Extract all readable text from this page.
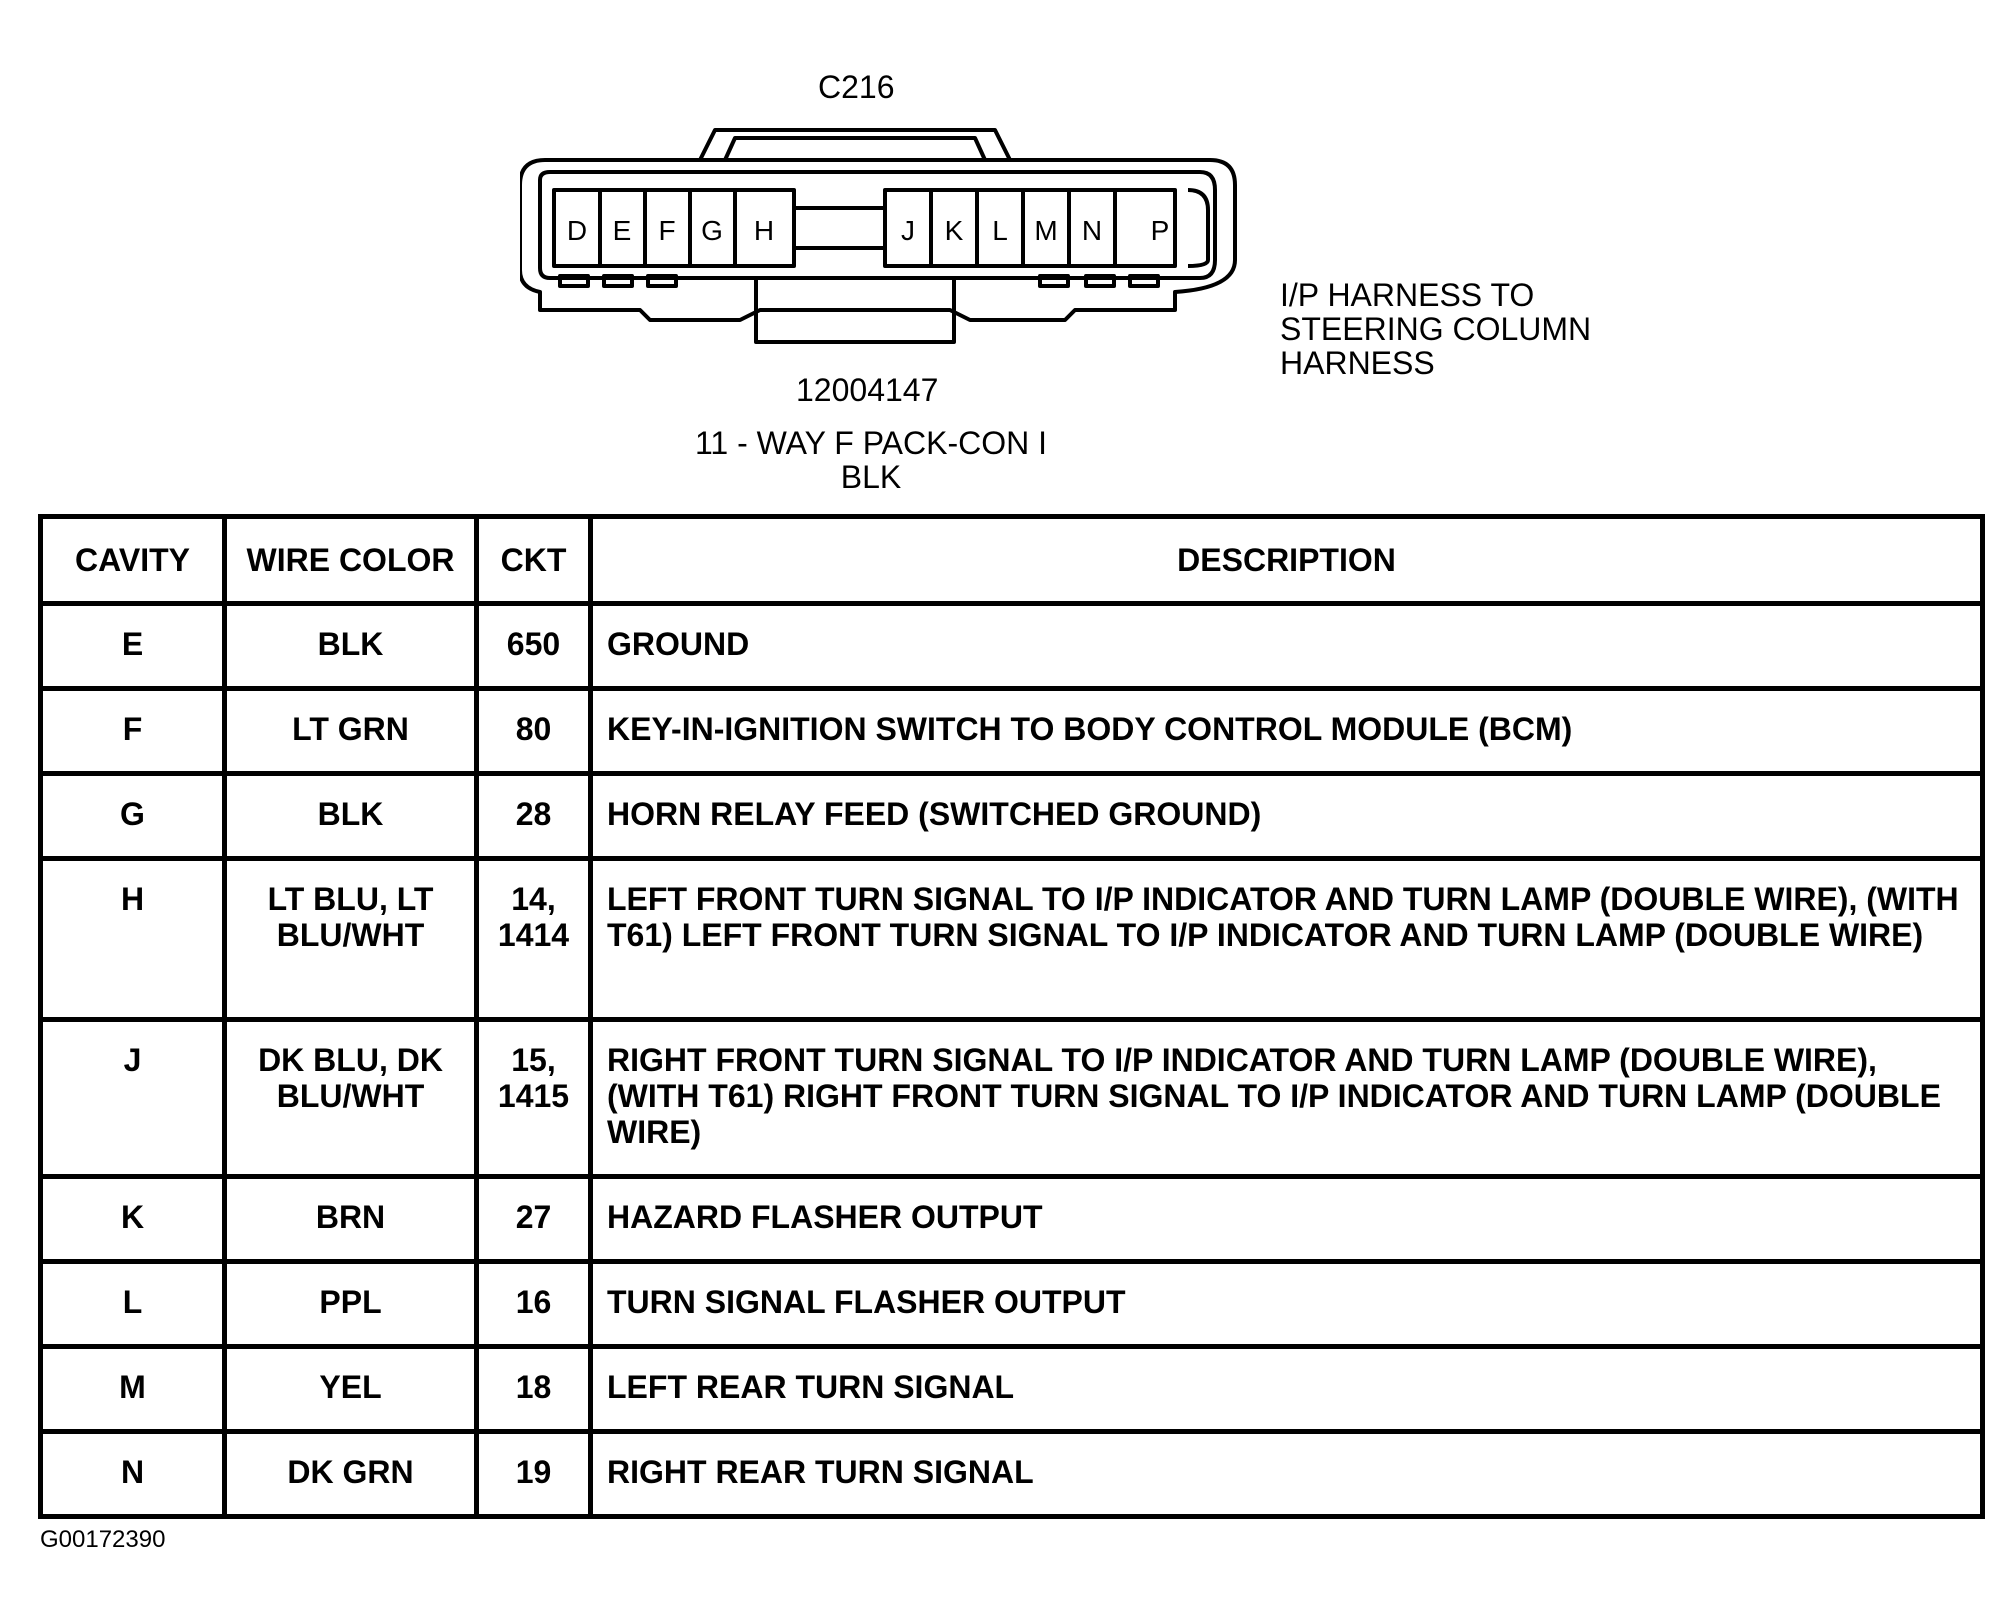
C216
D E F G H	J K L M N P
12004147
11 - WAY F PACK-CON I
BLK
I/P HARNESS TO
STEERING COLUMN
HARNESS
CAVITY	WIRE COLOR	CKT	DESCRIPTION
E	BLK	650	GROUND
F	LT GRN	80	KEY-IN-IGNITION SWITCH TO BODY CONTROL MODULE (BCM)
G	BLK	28	HORN RELAY FEED (SWITCHED GROUND)
H	LT BLU, LT BLU/WHT	14, 1414	LEFT FRONT TURN SIGNAL TO I/P INDICATOR AND TURN LAMP (DOUBLE WIRE), (WITH T61) LEFT FRONT TURN SIGNAL TO I/P INDICATOR AND TURN LAMP (DOUBLE WIRE)
J	DK BLU, DK BLU/WHT	15, 1415	RIGHT FRONT TURN SIGNAL TO I/P INDICATOR AND TURN LAMP (DOUBLE WIRE), (WITH T61) RIGHT FRONT TURN SIGNAL TO I/P INDICATOR AND TURN LAMP (DOUBLE WIRE)
K	BRN	27	HAZARD FLASHER OUTPUT
L	PPL	16	TURN SIGNAL FLASHER OUTPUT
M	YEL	18	LEFT REAR TURN SIGNAL
N	DK GRN	19	RIGHT REAR TURN SIGNAL
G00172390
